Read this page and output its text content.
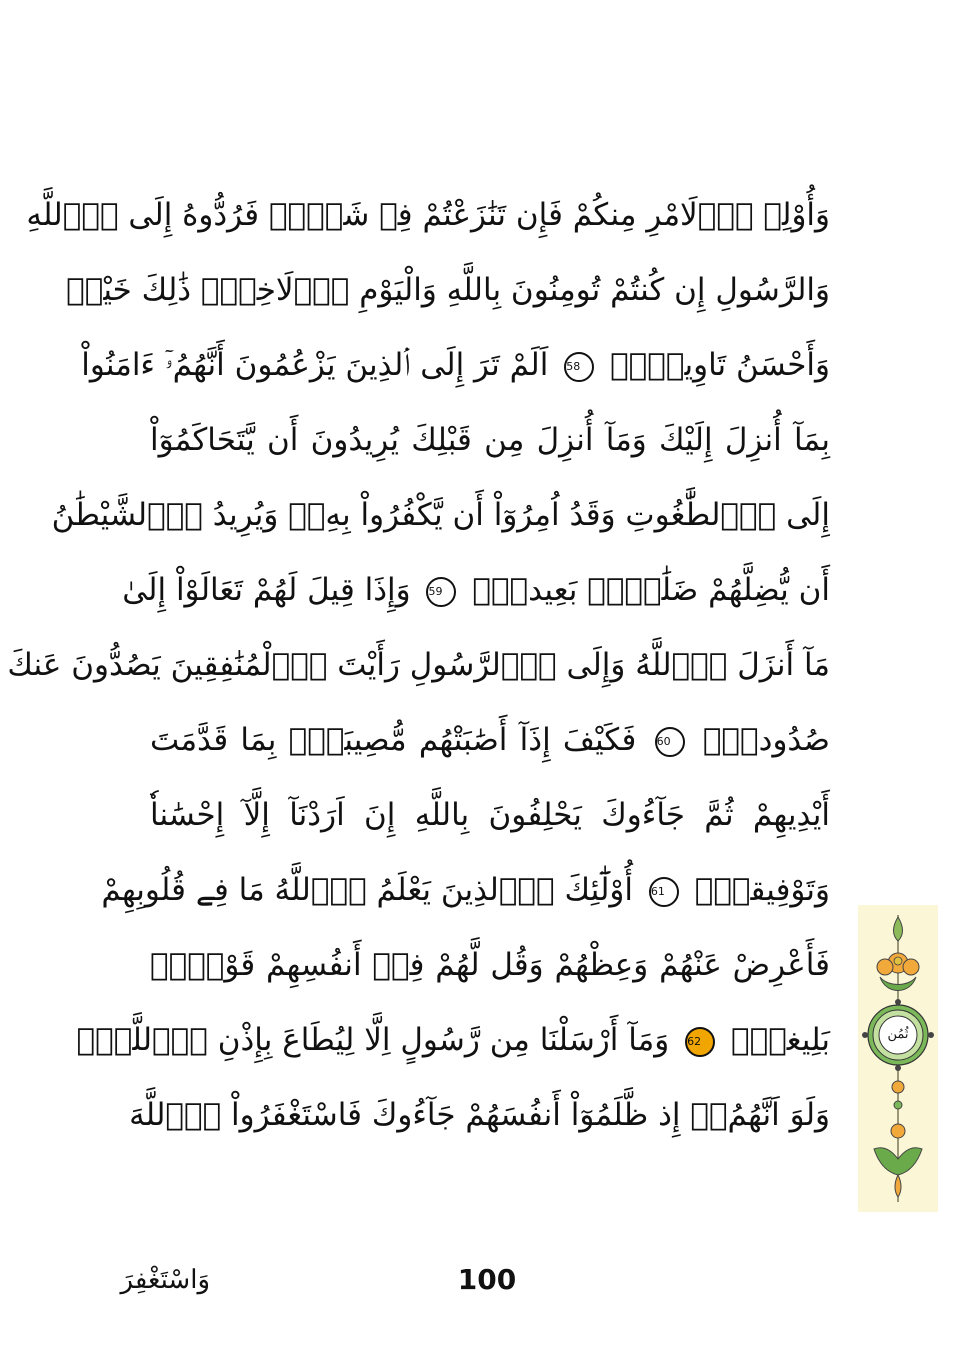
وَأُوْلِے اِ۬لَامْرِ مِنكُمْ فَإِن تَنَٰزَعْتُمْ فِے شَےْءٖ فَرُدُّوهُ إِلَى اَ۬للَّهِ
وَالرَّسُولِ إِن كُنتُمْ تُومِنُونَ بِاللَّهِ وَالْيَوْمِ اِ۬لَاخِرِۖ ذَٰلِكَ خَيْرٞ
وَأَحْسَنُ تَاوِيلاًۖ 58 اَلَمْ تَرَ إِلَى اَ۬لذِينَ يَزْعُمُونَ أَنَّهُمُۥٓ ءَامَنُواْ
بِمَآ أُنزِلَ إِلَيْكَ وَمَآ أُنزِلَ مِن قَبْلِكَ يُرِيدُونَ أَن يَّتَحَاكَمُوٓاْ
إِلَى اَ۬لطَّٰغُوتِ وَقَدُ اُمِرُوٓاْ أَن يَّكْفُرُواْ بِهِۦۖ وَيُرِيدُ اُ۬لشَّيْطَٰنُ
أَن يُّضِلَّهُمْ ضَلَٰلاَۢ بَعِيداٗۖ 59 وَإِذَا قِيلَ لَهُمْ تَعَالَوْاْ إِلَىٰ
مَآ أَنزَلَ اَ۬للَّهُ وَإِلَى اَ۬لرَّسُولِ رَأَيْتَ اَ۬لْمُنَٰفِقِينَ يَصُدُّونَ عَنكَ
صُدُوداٗۖ 60 فَكَيْفَ إِذَآ أَصَٰبَتْهُم مُّصِيبَةُۢ بِمَا قَدَّمَتَ
أَيْدِيهِمْ ثُمَّ جَآءُوكَ يَحْلِفُونَ بِاللَّهِ إِنَ اَرَدْنَآ إِلَّآ إِحْسَٰناٗ
وَتَوْفِيقاًۖ 61 أُوْلَٰٓئِكَ اَ۬لذِينَ يَعْلَمُ اُ۬للَّهُ مَا فِے قُلُوبِهِمْ
فَأَعْرِضْ عَنْهُمْ وَعِظْهُمْ وَقُل لَّهُمْ فِےٓ أَنفُسِهِمْ قَوْلاَۢ
بَلِيغاٗۖ 62 وَمَآ أَرْسَلْنَا مِن رَّسُولٍ اِلَّا لِيُطَاعَ بِإِذْنِ اِ۬للَّهِۖ
وَلَوَ اَنَّهُمُۥٓ إِذ ظَّلَمُوٓاْ أَنفُسَهُمْ جَآءُوكَ فَاسْتَغْفَرُواْ اُ۬للَّهَ
ثُمُن
وَاسْتَغْفِرَ	100
